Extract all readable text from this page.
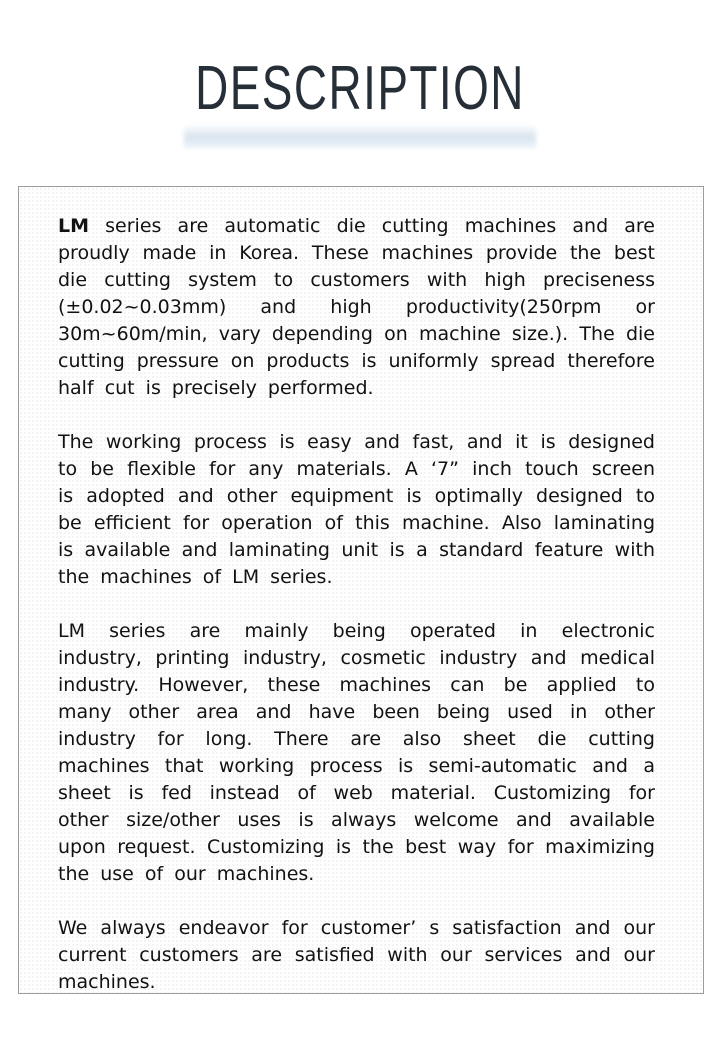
DESCRIPTION

LM series are automatic die cutting machines and are proudly made in Korea. These machines provide the best die cutting system to customers with high preciseness (±0.02~0.03mm) and high productivity(250rpm or 30m~60m/min, vary depending on machine size.). The die cutting pressure on products is uniformly spread therefore half cut is precisely performed.

The working process is easy and fast, and it is designed to be flexible for any materials. A ‘7” inch touch screen is adopted and other equipment is optimally designed to be efficient for operation of this machine. Also laminating is available and laminating unit is a standard feature with the machines of LM series.

LM series are mainly being operated in electronic industry, printing industry, cosmetic industry and medical industry. However, these machines can be applied to many other area and have been being used in other industry for long. There are also sheet die cutting machines that working process is semi-automatic and a sheet is fed instead of web material. Customizing for other size/other uses is always welcome and available upon request. Customizing is the best way for maximizing the use of our machines.

We always endeavor for customer’ s satisfaction and our current customers are satisfied with our services and our machines.
